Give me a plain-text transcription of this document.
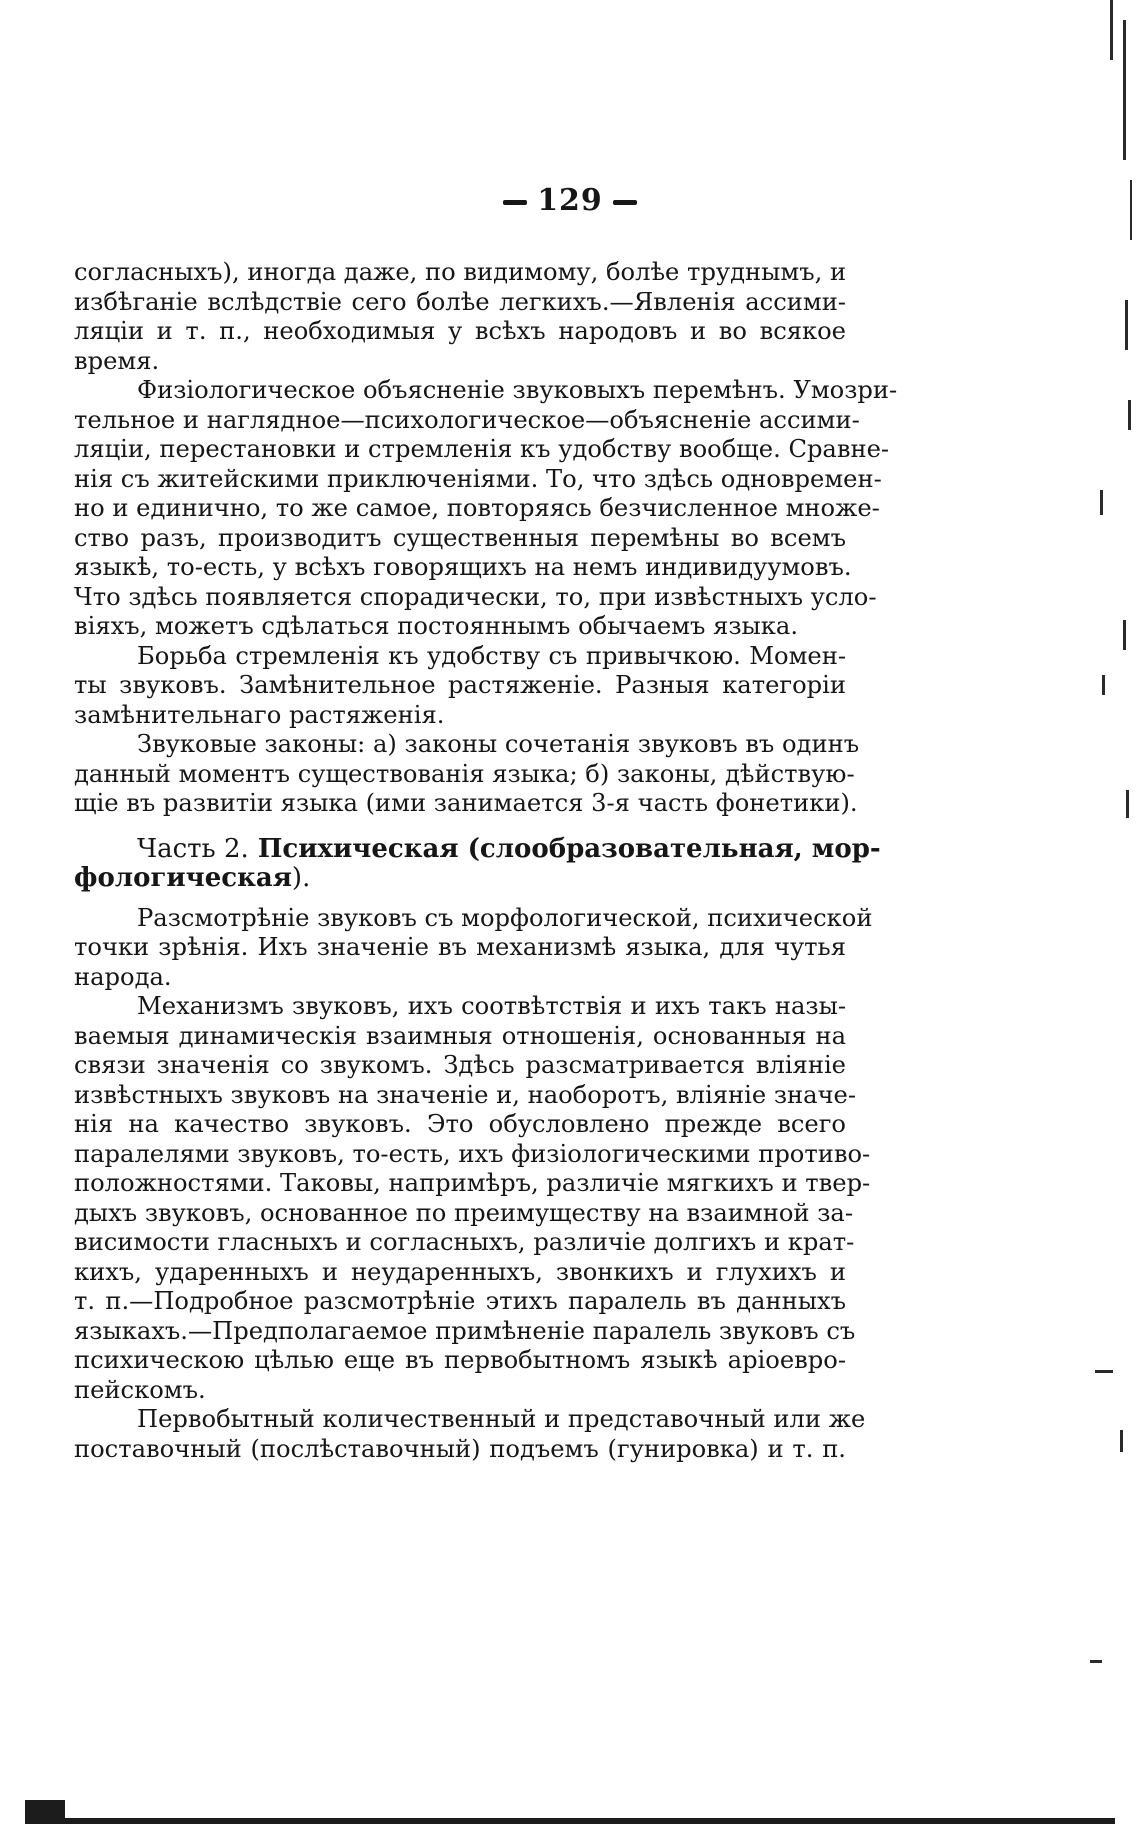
129
согласныхъ), иногда даже, по видимому, болѣе труднымъ, и
избѣганіе вслѣдствіе сего болѣе легкихъ.—Явленія ассими-
ляціи и т. п., необходимыя у всѣхъ народовъ и во всякое
время.
Физіологическое объясненіе звуковыхъ перемѣнъ. Умозри-
тельное и наглядное—психологическое—объясненіе ассими-
ляціи, перестановки и стремленія къ удобству вообще. Сравне-
нія съ житейскими приключеніями. То, что здѣсь одновремен-
но и единично, то же самое, повторяясь безчисленное множе-
ство разъ, производитъ существенныя перемѣны во всемъ
языкѣ, то-есть, у всѣхъ говорящихъ на немъ индивидуумовъ.
Что здѣсь появляется спорадически, то, при извѣстныхъ усло-
віяхъ, можетъ сдѣлаться постояннымъ обычаемъ языка.
Борьба стремленія къ удобству съ привычкою. Момен-
ты звуковъ. Замѣнительное растяженіе. Разныя категоріи
замѣнительнаго растяженія.
Звуковые законы: а) законы сочетанія звуковъ въ одинъ
данный моментъ существованія языка; б) законы, дѣйствую-
щіе въ развитіи языка (ими занимается 3-я часть фонетики).
Часть 2. Психическая (слообразовательная, мор-
фологическая).
Разсмотрѣніе звуковъ съ морфологической, психической
точки зрѣнія. Ихъ значеніе въ механизмѣ языка, для чутья
народа.
Механизмъ звуковъ, ихъ соотвѣтствія и ихъ такъ назы-
ваемыя динамическія взаимныя отношенія, основанныя на
связи значенія со звукомъ. Здѣсь разсматривается вліяніе
извѣстныхъ звуковъ на значеніе и, наоборотъ, вліяніе значе-
нія на качество звуковъ. Это обусловлено прежде всего
паралелями звуковъ, то-есть, ихъ физіологическими противо-
положностями. Таковы, напримѣръ, различіе мягкихъ и твер-
дыхъ звуковъ, основанное по преимуществу на взаимной за-
висимости гласныхъ и согласныхъ, различіе долгихъ и крат-
кихъ, ударенныхъ и неударенныхъ, звонкихъ и глухихъ и
т. п.—Подробное разсмотрѣніе этихъ паралель въ данныхъ
языкахъ.—Предполагаемое примѣненіе паралель звуковъ съ
психическою цѣлью еще въ первобытномъ языкѣ аріоевро-
пейскомъ.
Первобытный количественный и представочный или же
поставочный (послѣставочный) подъемъ (гунировка) и т. п.
